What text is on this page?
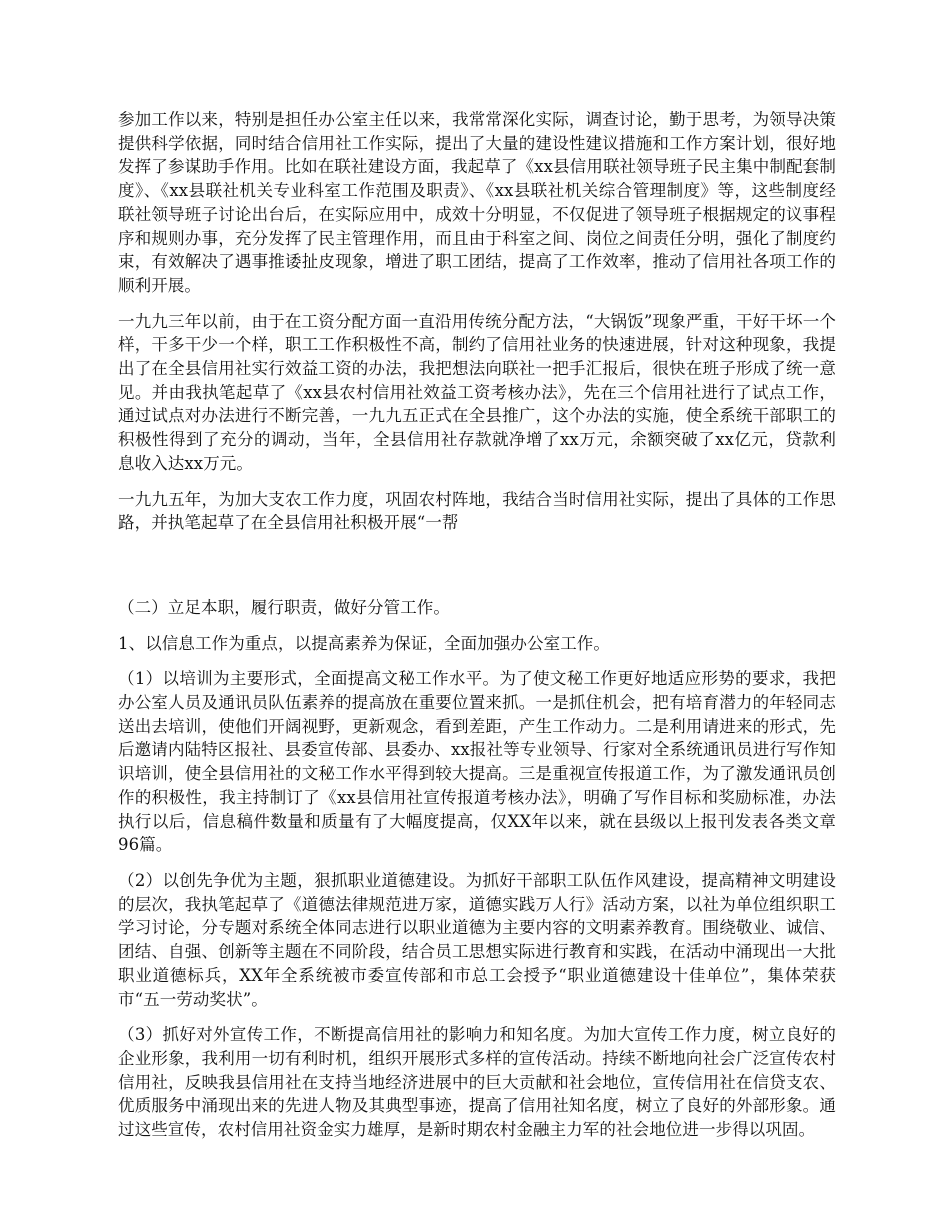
参加工作以来，特别是担任办公室主任以来，我常常深化实际，调查讨论，勤于思考，为领导决策提供科学依据，同时结合信用社工作实际，提出了大量的建设性建议措施和工作方案计划，很好地发挥了参谋助手作用。比如在联社建设方面，我起草了《xx县信用联社领导班子民主集中制配套制度》、《xx县联社机关专业科室工作范围及职责》、《xx县联社机关综合管理制度》等，这些制度经联社领导班子讨论出台后，在实际应用中，成效十分明显，不仅促进了领导班子根据规定的议事程序和规则办事，充分发挥了民主管理作用，而且由于科室之间、岗位之间责任分明，强化了制度约束，有效解决了遇事推诿扯皮现象，增进了职工团结，提高了工作效率，推动了信用社各项工作的顺利开展。

一九九三年以前，由于在工资分配方面一直沿用传统分配方法，“大锅饭”现象严重，干好干坏一个样，干多干少一个样，职工工作积极性不高，制约了信用社业务的快速进展，针对这种现象，我提出了在全县信用社实行效益工资的办法，我把想法向联社一把手汇报后，很快在班子形成了统一意见。并由我执笔起草了《xx县农村信用社效益工资考核办法》，先在三个信用社进行了试点工作，通过试点对办法进行不断完善，一九九五正式在全县推广，这个办法的实施，使全系统干部职工的积极性得到了充分的调动，当年，全县信用社存款就净增了xx万元，余额突破了xx亿元，贷款利息收入达xx万元。

一九九五年，为加大支农工作力度，巩固农村阵地，我结合当时信用社实际，提出了具体的工作思路，并执笔起草了在全县信用社积极开展“一帮

（二）立足本职，履行职责，做好分管工作。

1、以信息工作为重点，以提高素养为保证，全面加强办公室工作。

（1）以培训为主要形式，全面提高文秘工作水平。为了使文秘工作更好地适应形势的要求，我把办公室人员及通讯员队伍素养的提高放在重要位置来抓。一是抓住机会，把有培育潜力的年轻同志送出去培训，使他们开阔视野，更新观念，看到差距，产生工作动力。二是利用请进来的形式，先后邀请内陆特区报社、县委宣传部、县委办、xx报社等专业领导、行家对全系统通讯员进行写作知识培训，使全县信用社的文秘工作水平得到较大提高。三是重视宣传报道工作，为了激发通讯员创作的积极性，我主持制订了《xx县信用社宣传报道考核办法》，明确了写作目标和奖励标准，办法执行以后，信息稿件数量和质量有了大幅度提高，仅XX年以来，就在县级以上报刊发表各类文章96篇。

（2）以创先争优为主题，狠抓职业道德建设。为抓好干部职工队伍作风建设，提高精神文明建设的层次，我执笔起草了《道德法律规范进万家，道德实践万人行》活动方案，以社为单位组织职工学习讨论，分专题对系统全体同志进行以职业道德为主要内容的文明素养教育。围绕敬业、诚信、团结、自强、创新等主题在不同阶段，结合员工思想实际进行教育和实践，在活动中涌现出一大批职业道德标兵，XX年全系统被市委宣传部和市总工会授予“职业道德建设十佳单位”，集体荣获市“五一劳动奖状”。

（3）抓好对外宣传工作，不断提高信用社的影响力和知名度。为加大宣传工作力度，树立良好的企业形象，我利用一切有利时机，组织开展形式多样的宣传活动。持续不断地向社会广泛宣传农村信用社，反映我县信用社在支持当地经济进展中的巨大贡献和社会地位，宣传信用社在信贷支农、优质服务中涌现出来的先进人物及其典型事迹，提高了信用社知名度，树立了良好的外部形象。通过这些宣传，农村信用社资金实力雄厚，是新时期农村金融主力军的社会地位进一步得以巩固。
